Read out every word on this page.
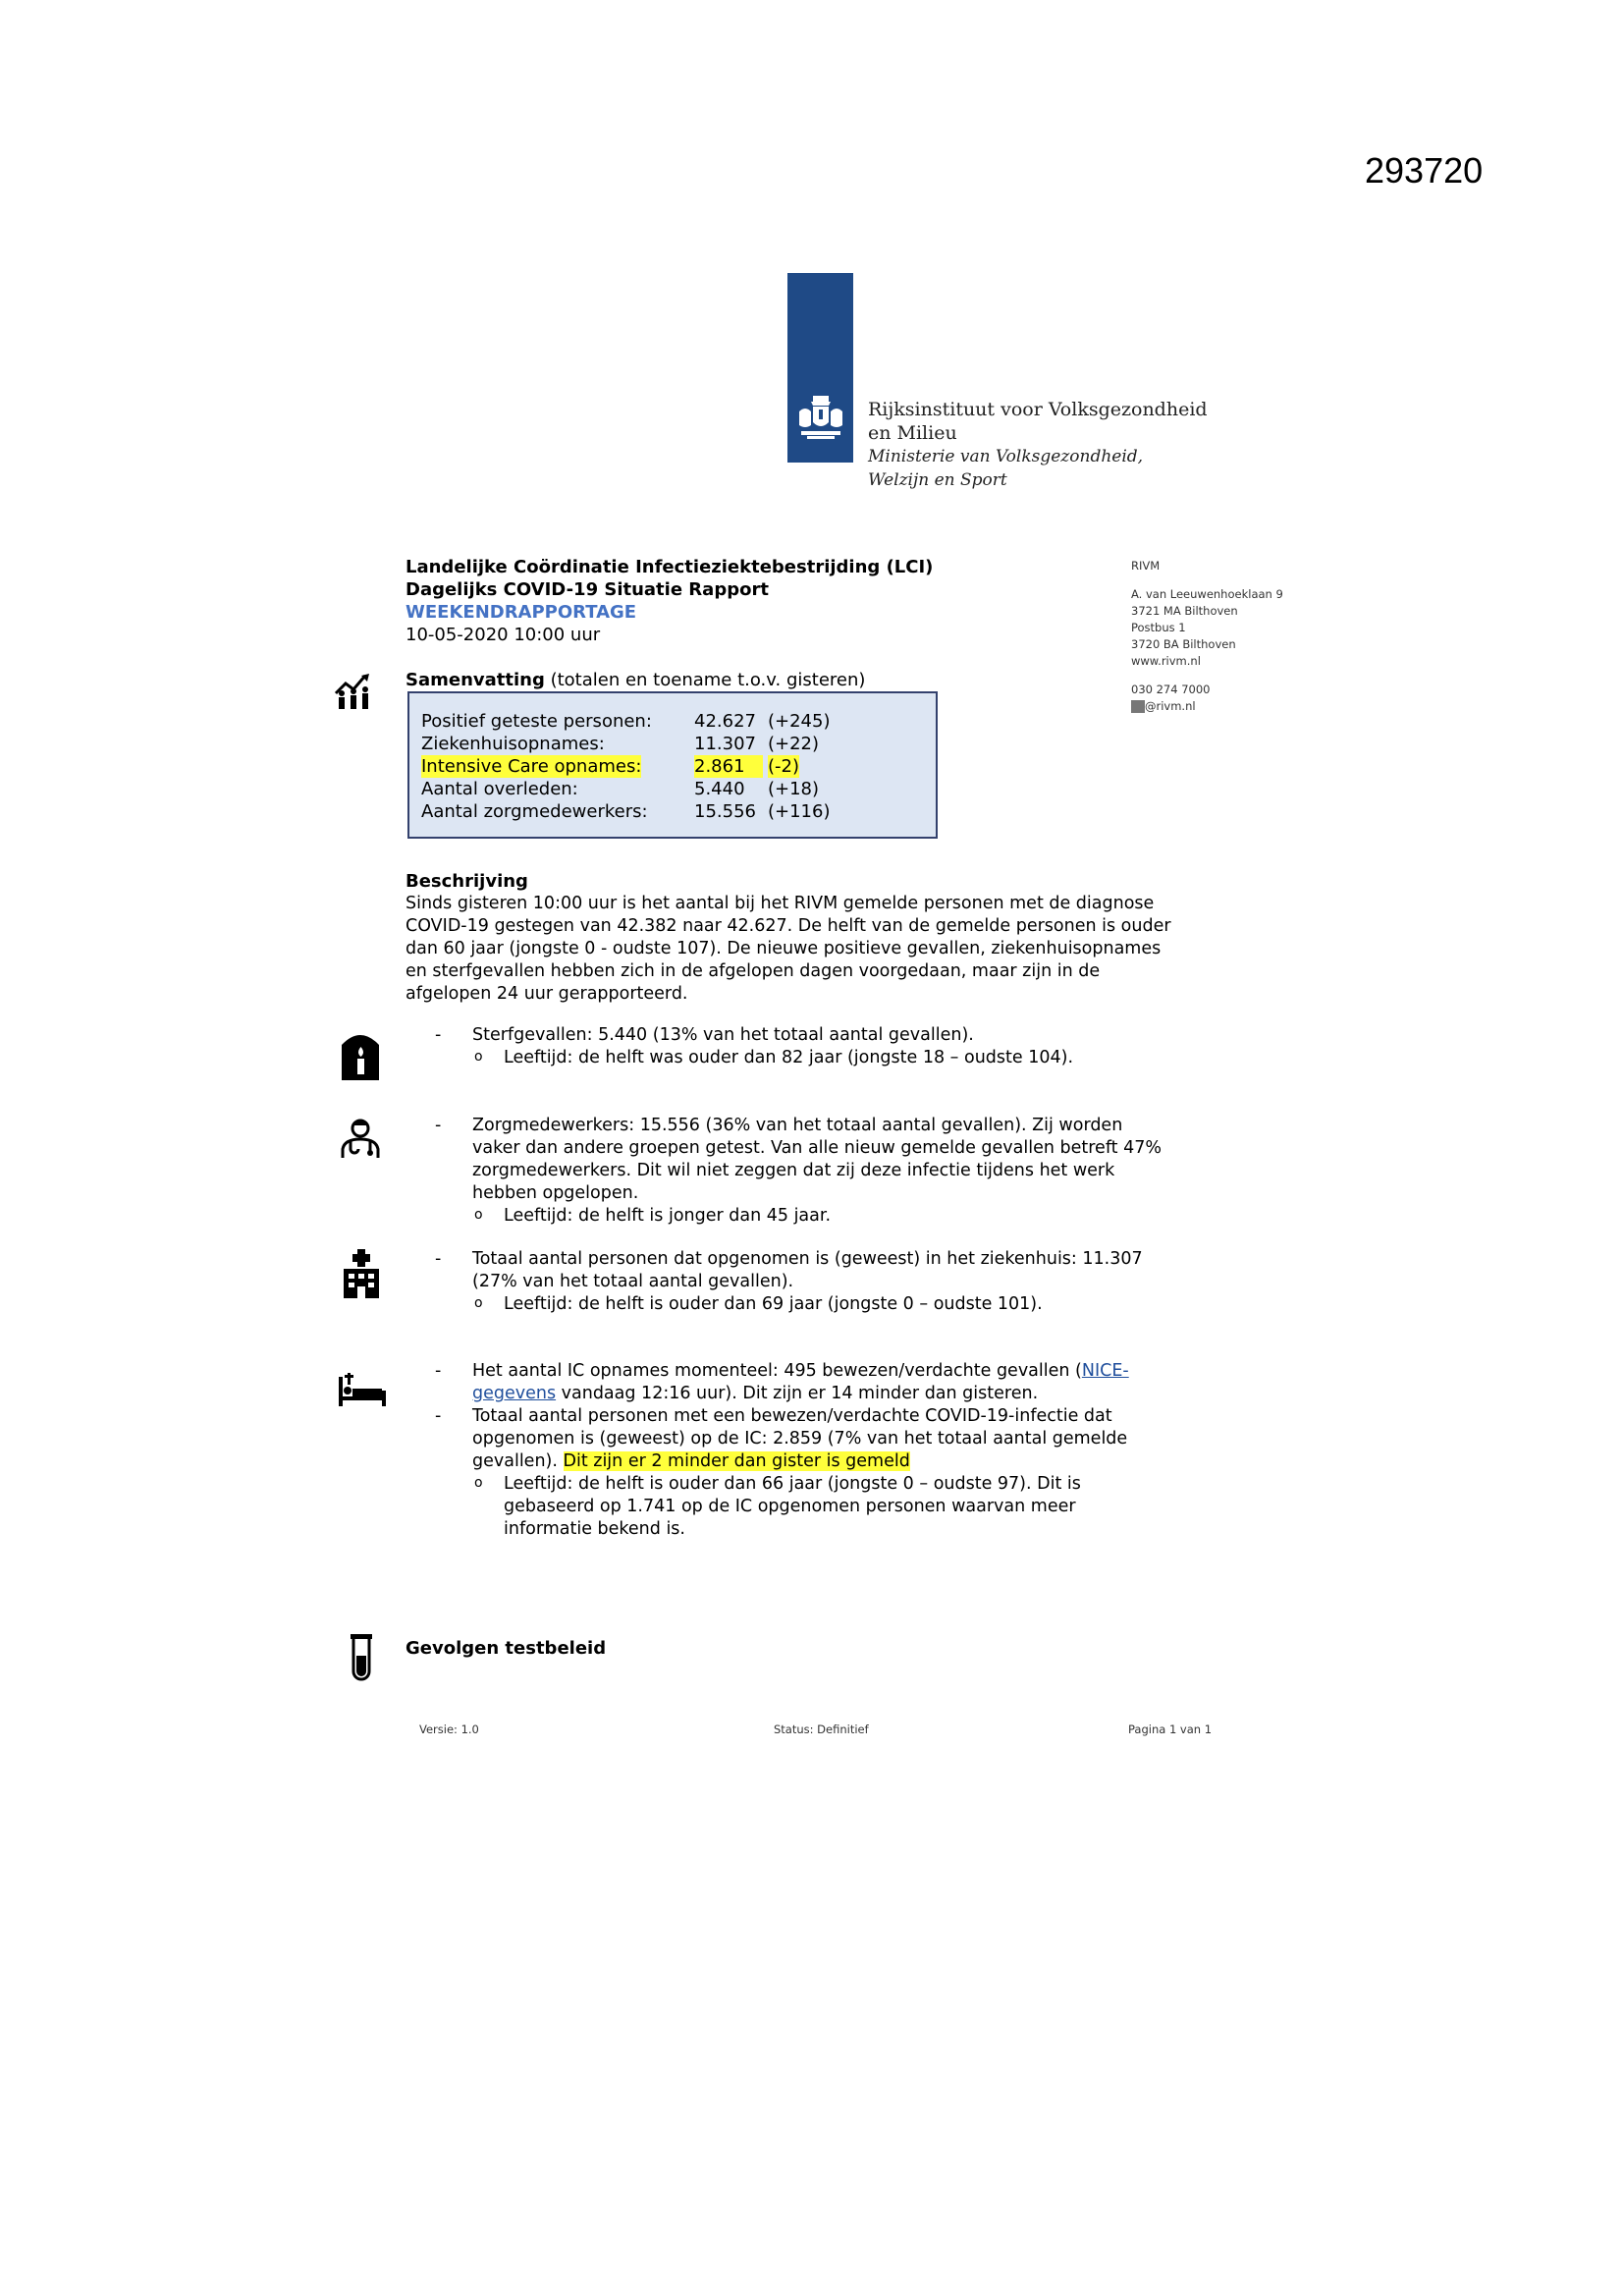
293720
Rijksinstituut voor Volksgezondheid
en Milieu
Ministerie van Volksgezondheid,
Welzijn en Sport
Landelijke Coördinatie Infectieziektebestrijding (LCI)
Dagelijks COVID-19 Situatie Rapport
WEEKENDRAPPORTAGE
10-05-2020 10:00 uur
RIVM
A. van Leeuwenhoeklaan 9
3721 MA Bilthoven
Postbus 1
3720 BA Bilthoven
www.rivm.nl
030 274 7000
@rivm.nl
Samenvatting (totalen en toename t.o.v. gisteren)
Positief geteste personen: 42.627 (+245)
Ziekenhuisopnames:	11.307 (+22)
Intensive Care opnames:	2.861	(-2)
Aantal overleden:	5.440 (+18)
Aantal zorgmedewerkers:	15.556 (+116)
Beschrijving
Sinds gisteren 10:00 uur is het aantal bij het RIVM gemelde personen met de diagnose
COVID-19 gestegen van 42.382 naar 42.627. De helft van de gemelde personen is ouder
dan 60 jaar (jongste 0 - oudste 107). De nieuwe positieve gevallen, ziekenhuisopnames
en sterfgevallen hebben zich in de afgelopen dagen voorgedaan, maar zijn in de
afgelopen 24 uur gerapporteerd.
- Sterfgevallen: 5.440 (13% van het totaal aantal gevallen).
o Leeftijd: de helft was ouder dan 82 jaar (jongste 18 – oudste 104).
- Zorgmedewerkers: 15.556 (36% van het totaal aantal gevallen). Zij worden
vaker dan andere groepen getest. Van alle nieuw gemelde gevallen betreft 47%
zorgmedewerkers. Dit wil niet zeggen dat zij deze infectie tijdens het werk
hebben opgelopen.
o Leeftijd: de helft is jonger dan 45 jaar.
- Totaal aantal personen dat opgenomen is (geweest) in het ziekenhuis: 11.307
(27% van het totaal aantal gevallen).
o Leeftijd: de helft is ouder dan 69 jaar (jongste 0 – oudste 101).
- Het aantal IC opnames momenteel: 495 bewezen/verdachte gevallen (NICE-
gegevens vandaag 12:16 uur). Dit zijn er 14 minder dan gisteren.
- Totaal aantal personen met een bewezen/verdachte COVID-19-infectie dat
opgenomen is (geweest) op de IC: 2.859 (7% van het totaal aantal gemelde
gevallen). Dit zijn er 2 minder dan gister is gemeld
o Leeftijd: de helft is ouder dan 66 jaar (jongste 0 – oudste 97). Dit is
gebaseerd op 1.741 op de IC opgenomen personen waarvan meer
informatie bekend is.
Gevolgen testbeleid
Versie: 1.0	Status: Definitief	Pagina 1 van 1
